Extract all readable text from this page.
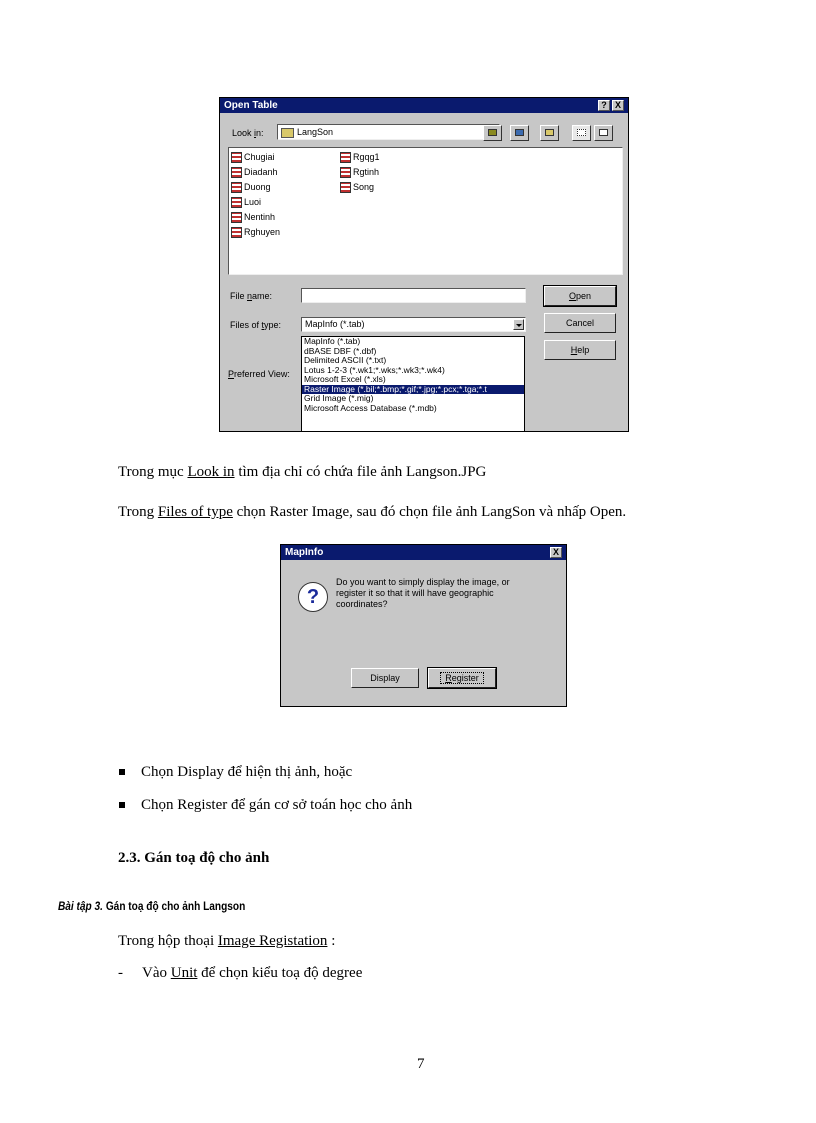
Open Table	? X
Look in:	LangSon
Chugiai
Diadanh
Duong
Luoi
Nentinh
Rghuyen
Rgqg1
Rgtinh
Song
File name:
Files of type:	MapInfo (*.tab)
Preferred View:
Open
Cancel
Help
MapInfo (*.tab)
dBASE DBF (*.dbf)
Delimited ASCII (*.txt)
Lotus 1-2-3 (*.wk1;*.wks;*.wk3;*.wk4)
Microsoft Excel (*.xls)
Raster Image (*.bil;*.bmp;*.gif;*.jpg;*.pcx;*.tga;*.t
Grid Image (*.mig)
Microsoft Access Database (*.mdb)
Trong mục Look in tìm địa chỉ có chứa file ảnh Langson.JPG
Trong Files of type chọn Raster Image, sau đó chọn file ảnh LangSon và nhấp Open.
MapInfo	X
?
Do you want to simply display the image, or
register it so that it will have geographic
coordinates?
Display	Register
Chọn Display để hiện thị ảnh, hoặc
Chọn Register để gán cơ sở toán học cho ảnh
2.3. Gán toạ độ cho ảnh
Bài tập 3. Gán toạ độ cho ảnh Langson
Trong hộp thoại Image Registation :
- Vào Unit để chọn kiểu toạ độ degree
7
